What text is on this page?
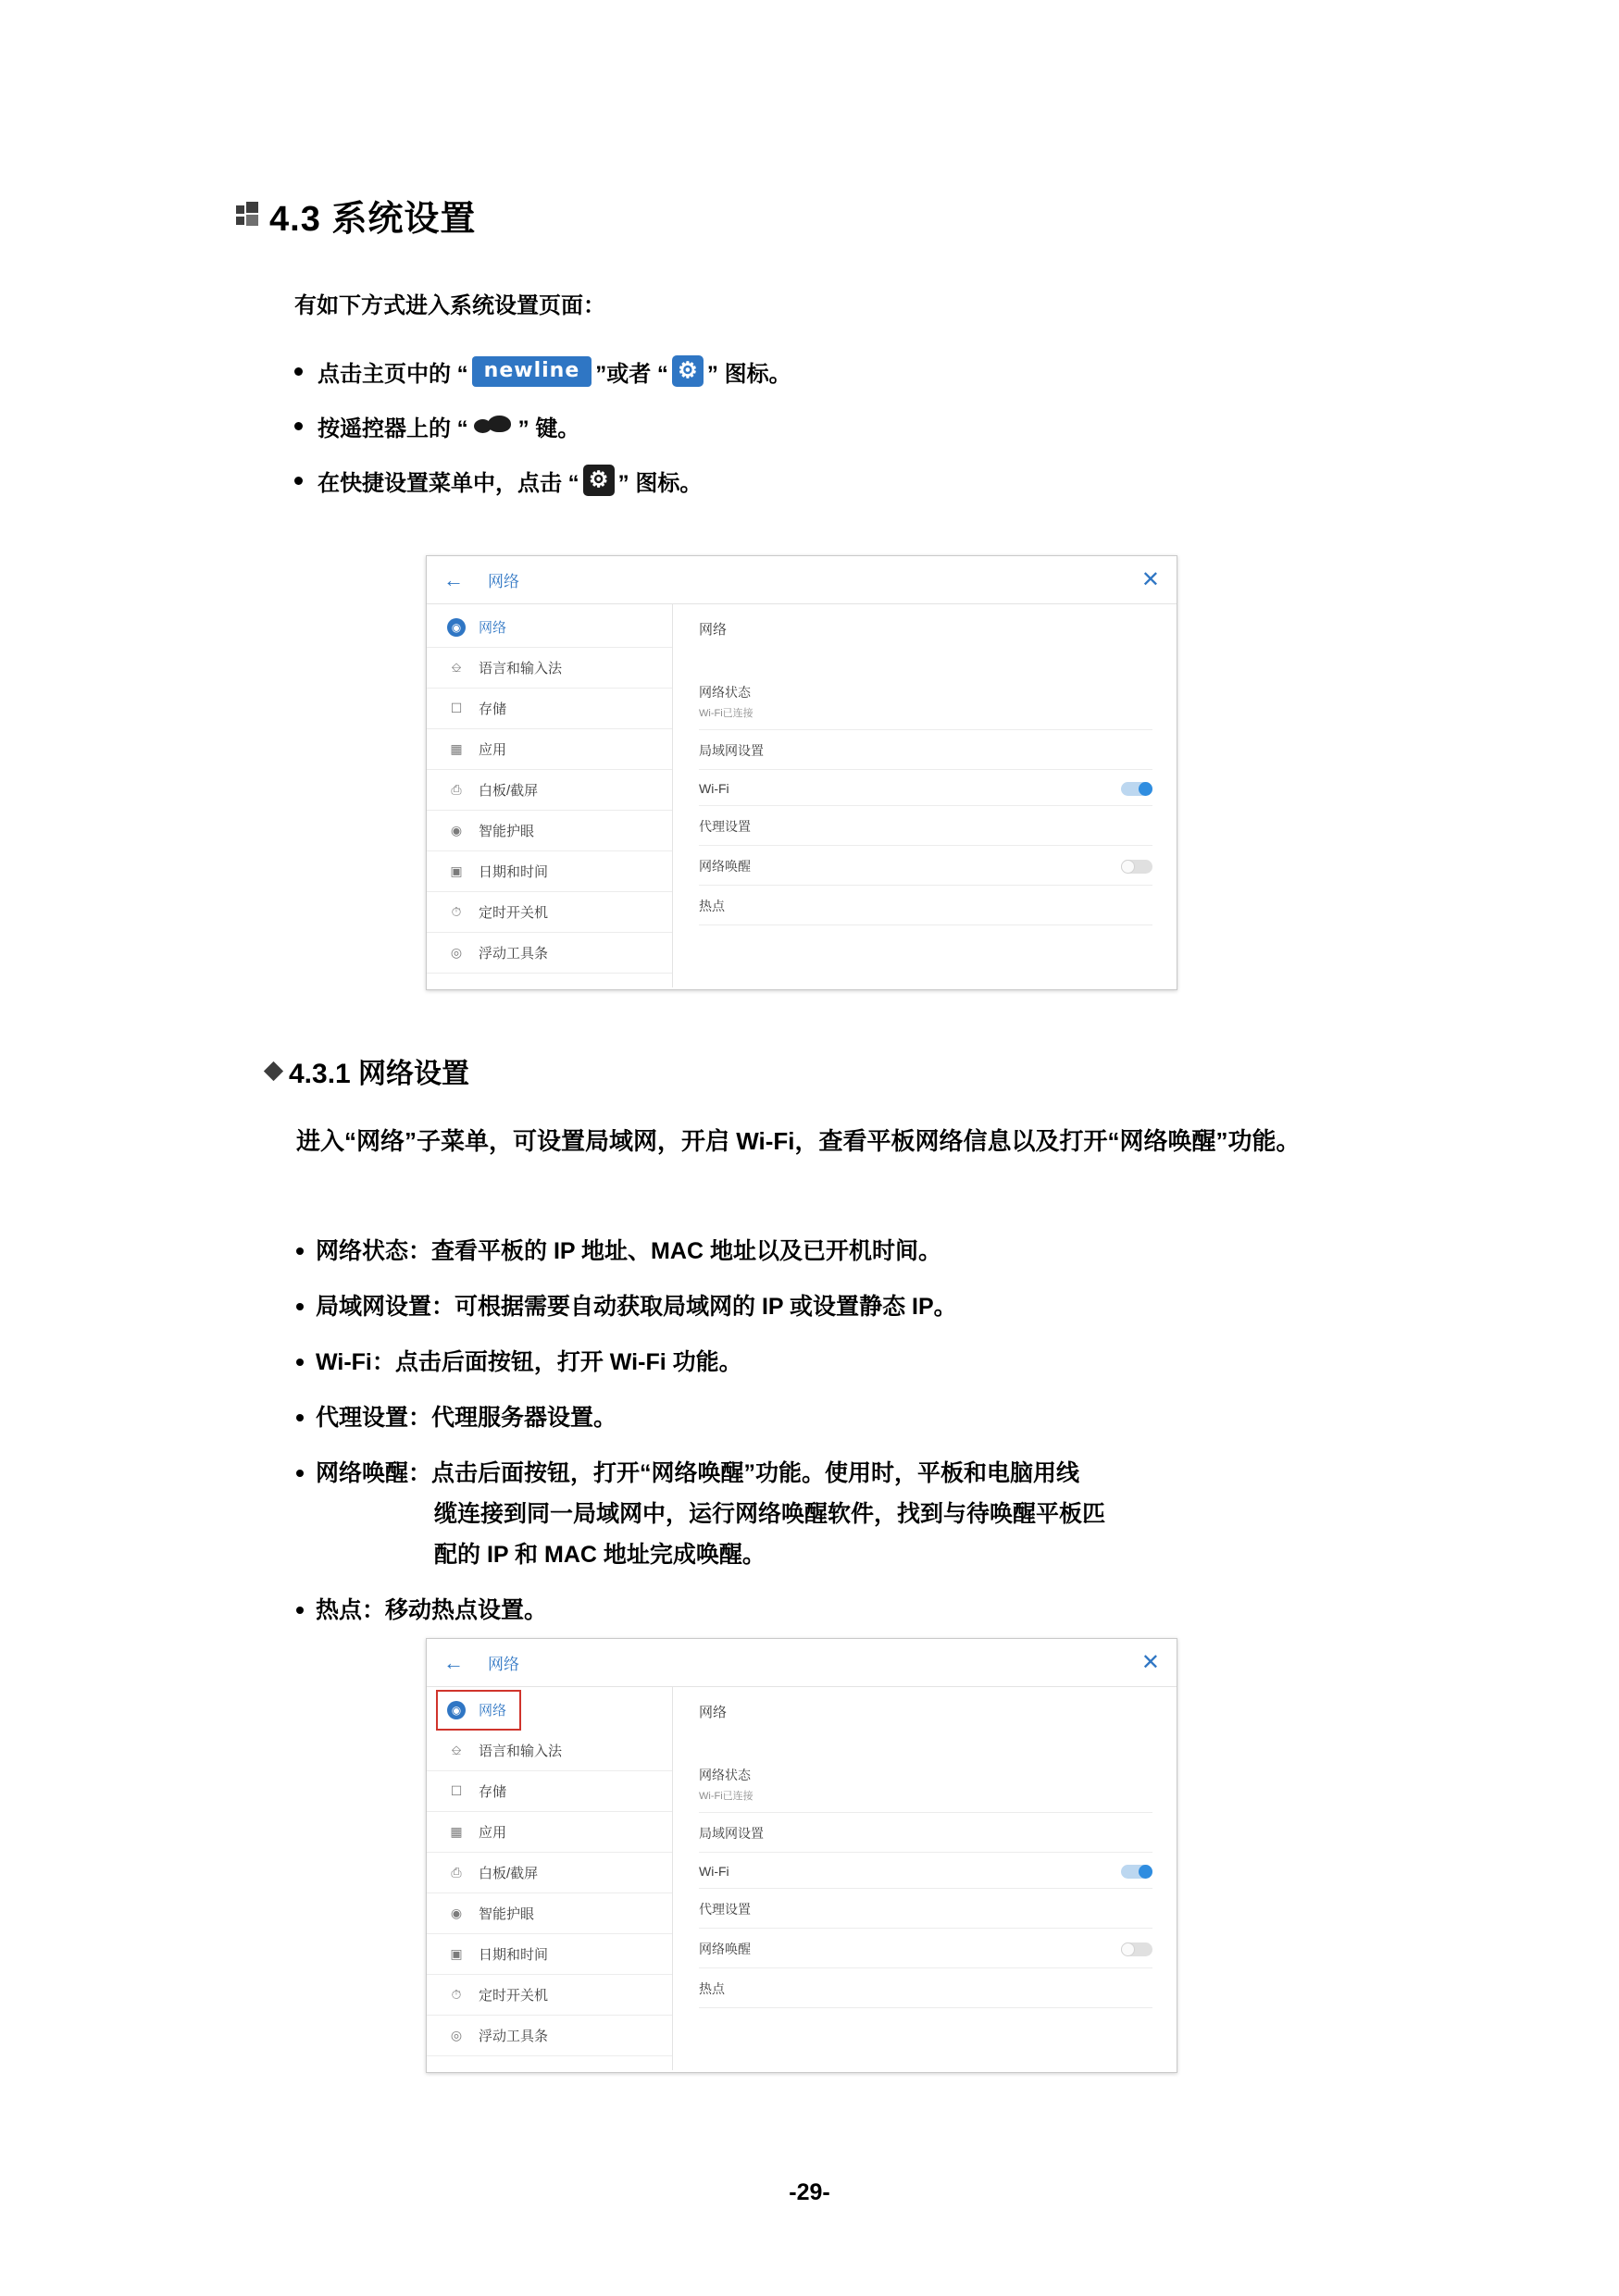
4.3 系统设置
有如下方式进入系统设置页面：
点击主页中的 “ newline ”或者 “ ⚙ ” 图标。
按遥控器上的 “ ” 键。
在快捷设置菜单中，点击 “ ⚙ ” 图标。
← 网络	✕
◉	网络
⎒ 语言和输入法
☐ 存储
▦ 应用
⎙ 白板/截屏
◉ 智能护眼
▣ 日期和时间
⏱	定时开关机
◎ 浮动工具条
网络
网络状态
Wi-Fi已连接
局域网设置
Wi-Fi
代理设置
网络唤醒
热点
4.3.1 网络设置
进入“网络”子菜单，可设置局域网，开启 Wi-Fi，查看平板网络信息以及打开“网络唤醒”功能。
网络状态：查看平板的 IP 地址、MAC 地址以及已开机时间。
局域网设置：可根据需要自动获取局域网的 IP 或设置静态 IP。
Wi-Fi：点击后面按钮，打开 Wi-Fi 功能。
代理设置：代理服务器设置。
网络唤醒：点击后面按钮，打开“网络唤醒”功能。使用时，平板和电脑用线
缆连接到同一局域网中，运行网络唤醒软件，找到与待唤醒平板匹
配的 IP 和 MAC 地址完成唤醒。
热点：移动热点设置。
← 网络	✕
◉	网络
⎒ 语言和输入法
☐ 存储
▦ 应用
⎙ 白板/截屏
◉ 智能护眼
▣ 日期和时间
⏱	定时开关机
◎ 浮动工具条
网络
网络状态
Wi-Fi已连接
局域网设置
Wi-Fi
代理设置
网络唤醒
热点
-29-
